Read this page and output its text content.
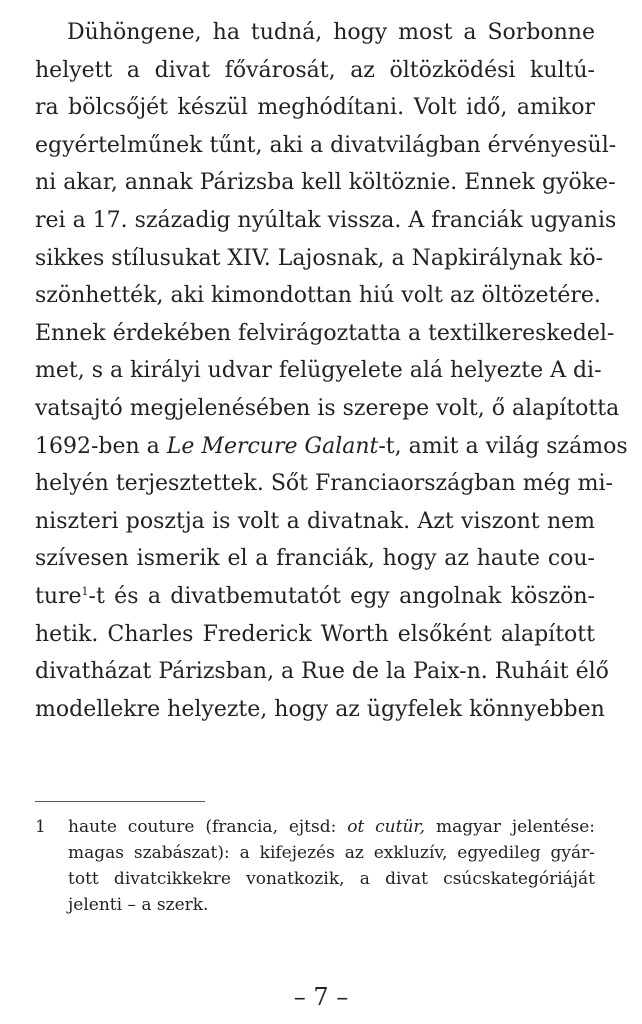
Dühöngene, ha tudná, hogy most a Sorbonne
helyett a divat fővárosát, az öltözködési kultú-
ra bölcsőjét készül meghódítani. Volt idő, amikor
egyértelműnek tűnt, aki a divatvilágban érvényesül-
ni akar, annak Párizsba kell költöznie. Ennek gyöke-
rei a 17. századig nyúltak vissza. A franciák ugyanis
sikkes stílusukat XIV. Lajosnak, a Napkirálynak kö-
szönhették, aki kimondottan hiú volt az öltözetére.
Ennek érdekében felvirágoztatta a textilkereskedel-
met, s a királyi udvar felügyelete alá helyezte A di-
vatsajtó megjelenésében is szerepe volt, ő alapította
1692-ben a Le Mercure Galant-t, amit a világ számos
helyén terjesztettek. Sőt Franciaországban még mi-
niszteri posztja is volt a divatnak. Azt viszont nem
szívesen ismerik el a franciák, hogy az haute cou-
ture$^1$-t és a divatbemutatót egy angolnak köszön-
hetik. Charles Frederick Worth elsőként alapított
divatházat Párizsban, a Rue de la Paix-n. Ruháit élő
modellekre helyezte, hogy az ügyfelek könnyebben
1 haute couture (francia, ejtsd: ot cutür, magyar jelentése:
magas szabászat): a kifejezés az exkluzív, egyedileg gyár-
tott divatcikkekre vonatkozik, a divat csúcskategóriáját
jelenti – a szerk.
– 7 –
